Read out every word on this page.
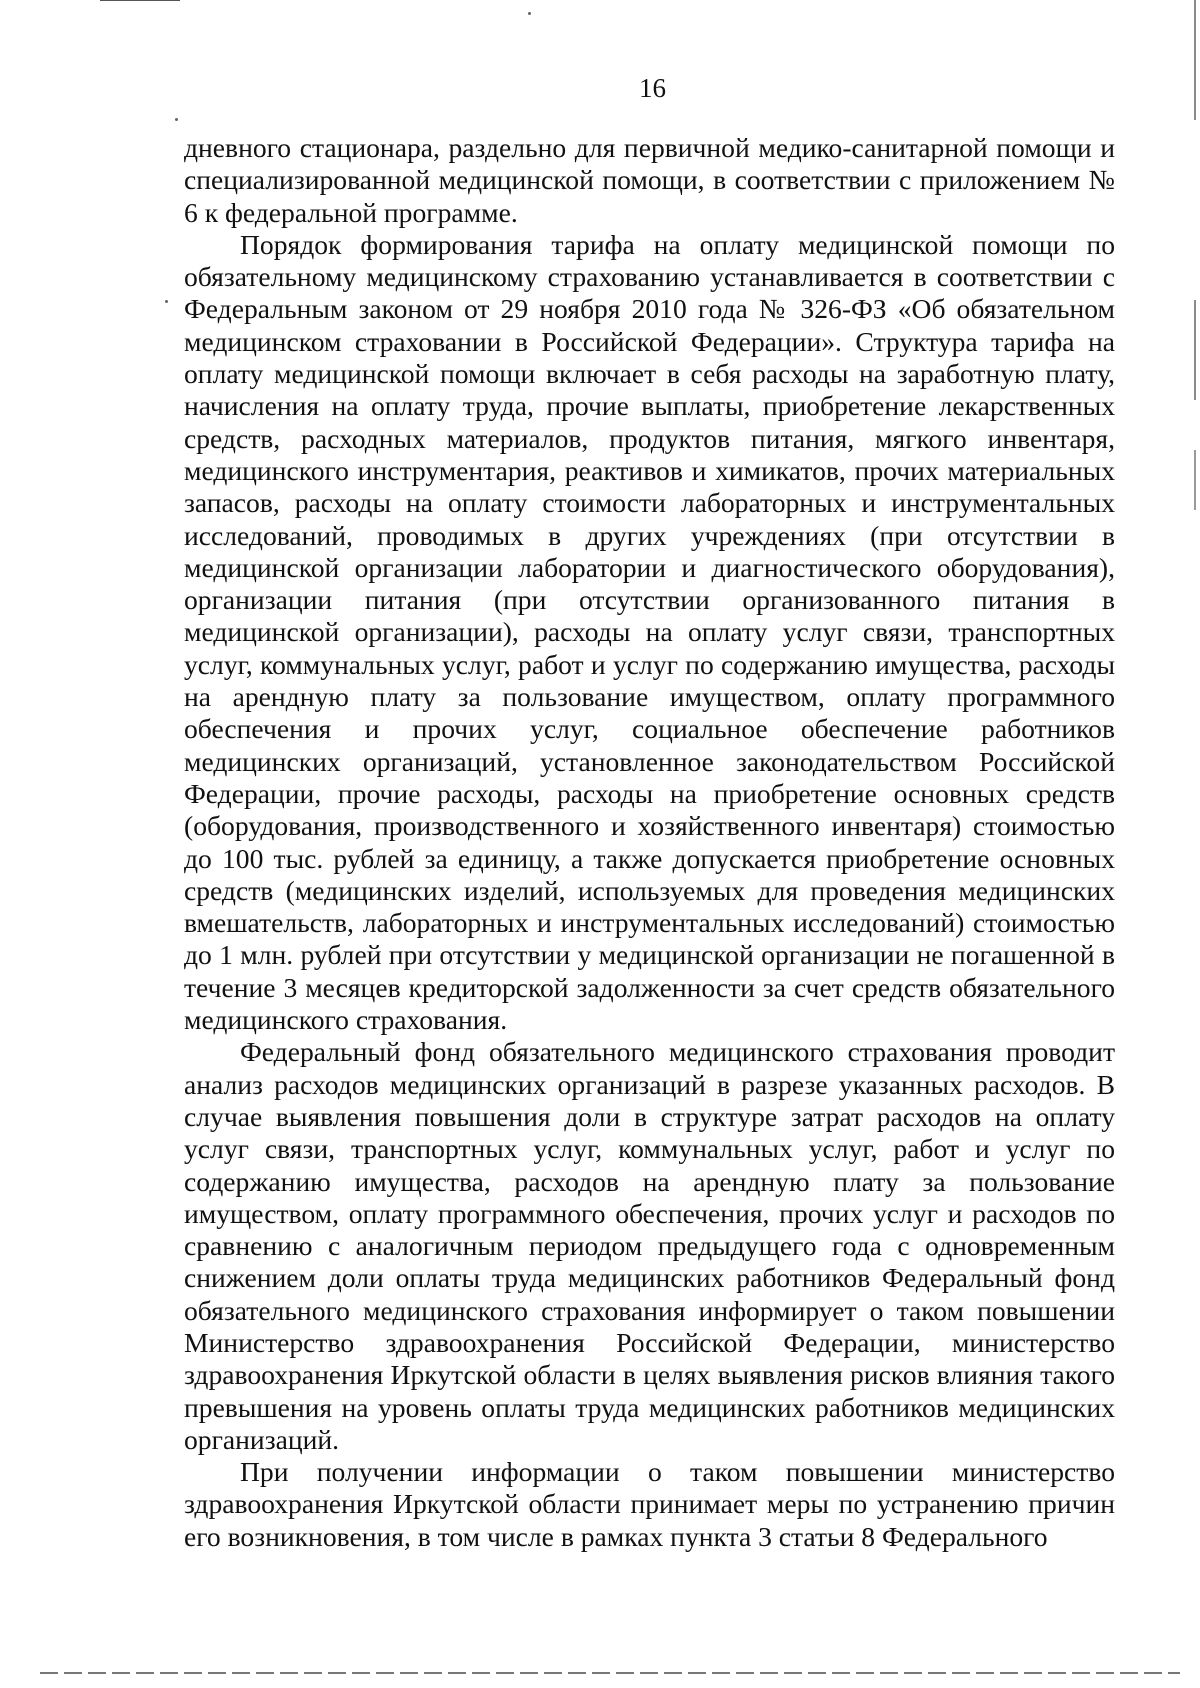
16

дневного стационара, раздельно для первичной медико-санитарной помощи и специализированной медицинской помощи, в соответствии с приложением № 6 к федеральной программе.

Порядок формирования тарифа на оплату медицинской помощи по обязательному медицинскому страхованию устанавливается в соответствии с Федеральным законом от 29 ноября 2010 года № 326-ФЗ «Об обязательном медицинском страховании в Российской Федерации». Структура тарифа на оплату медицинской помощи включает в себя расходы на заработную плату, начисления на оплату труда, прочие выплаты, приобретение лекарственных средств, расходных материалов, продуктов питания, мягкого инвентаря, медицинского инструментария, реактивов и химикатов, прочих материальных запасов, расходы на оплату стоимости лабораторных и инструментальных исследований, проводимых в других учреждениях (при отсутствии в медицинской организации лаборатории и диагностического оборудования), организации питания (при отсутствии организованного питания в медицинской организации), расходы на оплату услуг связи, транспортных услуг, коммунальных услуг, работ и услуг по содержанию имущества, расходы на арендную плату за пользование имуществом, оплату программного обеспечения и прочих услуг, социальное обеспечение работников медицинских организаций, установленное законодательством Российской Федерации, прочие расходы, расходы на приобретение основных средств (оборудования, производственного и хозяйственного инвентаря) стоимостью до 100 тыс. рублей за единицу, а также допускается приобретение основных средств (медицинских изделий, используемых для проведения медицинских вмешательств, лабораторных и инструментальных исследований) стоимостью до 1 млн. рублей при отсутствии у медицинской организации не погашенной в течение 3 месяцев кредиторской задолженности за счет средств обязательного медицинского страхования.

Федеральный фонд обязательного медицинского страхования проводит анализ расходов медицинских организаций в разрезе указанных расходов. В случае выявления повышения доли в структуре затрат расходов на оплату услуг связи, транспортных услуг, коммунальных услуг, работ и услуг по содержанию имущества, расходов на арендную плату за пользование имуществом, оплату программного обеспечения, прочих услуг и расходов по сравнению с аналогичным периодом предыдущего года с одновременным снижением доли оплаты труда медицинских работников Федеральный фонд обязательного медицинского страхования информирует о таком повышении Министерство здравоохранения Российской Федерации, министерство здравоохранения Иркутской области в целях выявления рисков влияния такого превышения на уровень оплаты труда медицинских работников медицинских организаций.

При получении информации о таком повышении министерство здравоохранения Иркутской области принимает меры по устранению причин его возникновения, в том числе в рамках пункта 3 статьи 8 Федерального
